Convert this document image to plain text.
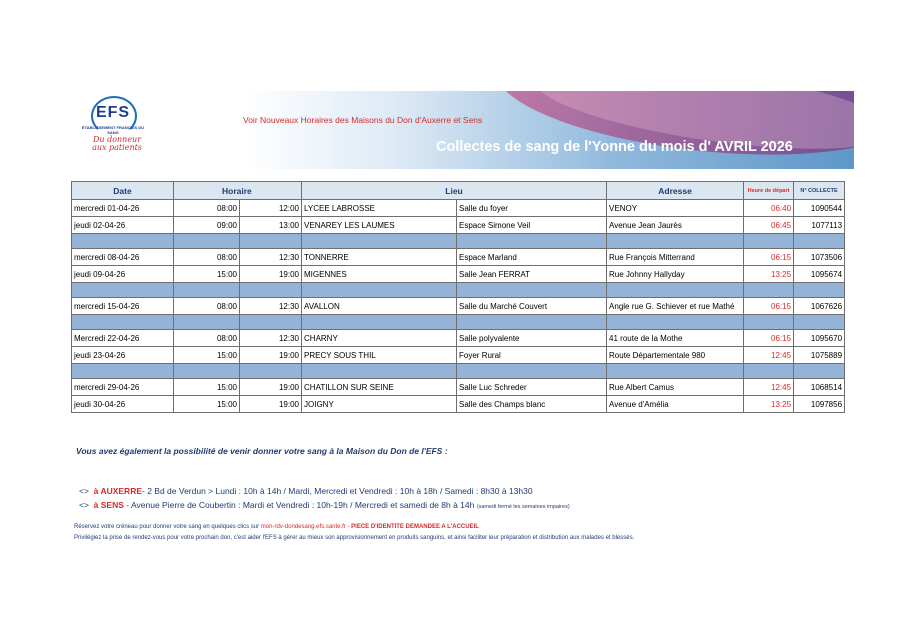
EFS
ÉTABLISSEMENT FRANÇAIS DU SANG
Du donneur aux patients
Voir Nouveaux Horaires des Maisons du Don d'Auxerre et Sens
Collectes de sang de l'Yonne du mois d' AVRIL 2026
Date	Horaire		Lieu		Adresse	Heure de départ	N° COLLECTE
mercredi 01-04-26	08:00	12:00	LYCEE LABROSSE	Salle du foyer	VENOY	06:40	1090544
jeudi 02-04-26	09:00	13:00	VENAREY LES LAUMES	Espace Simone Veil	Avenue Jean Jaurès	06:45	1077113

mercredi 08-04-26	08:00	12:30	TONNERRE	Espace Marland	Rue François Mitterrand	06:15	1073506
jeudi 09-04-26	15:00	19:00	MIGENNES	Salle Jean FERRAT	Rue Johnny Hallyday	13:25	1095674

mercredi 15-04-26	08:00	12:30	AVALLON	Salle du Marché Couvert	Angle rue G. Schiever et rue Mathé	06:15	1067626

Mercredi 22-04-26	08:00	12:30	CHARNY	Salle polyvalente	41 route de la Mothe	06:15	1095670
jeudi 23-04-26	15:00	19:00	PRECY SOUS THIL	Foyer Rural	Route Départementale 980	12:45	1075889

mercredi 29-04-26	15:00	19:00	CHATILLON SUR SEINE	Salle Luc Schreder	Rue Albert Camus	12:45	1068514
jeudi 30-04-26	15:00	19:00	JOIGNY	Salle des Champs blanc	Avenue d'Amélia	13:25	1097856
Vous avez également la possibilité de venir donner votre sang à la Maison du Don de l'EFS :
<> à AUXERRE- 2 Bd de Verdun > Lundi : 10h à 14h / Mardi, Mercredi et Vendredi : 10h à 18h / Samedi : 8h30 à 13h30
<> à SENS - Avenue Pierre de Coubertin : Mardi et Vendredi : 10h-19h / Mercredi et samedi de 8h à 14h (samedi fermé les semaines impaires)
Réservez votre créneau pour donner votre sang en quelques clics sur mon-rdv-dondesang.efs.sante.fr - PIECE D'IDENTITE DEMANDEE A L'ACCUEIL
Privilégiez la prise de rendez-vous pour votre prochain don, c'est aider l'EFS à gérer au mieux son approvisionnement en produits sanguins, et ainsi faciliter leur préparation et distribution aux malades et blessés.
